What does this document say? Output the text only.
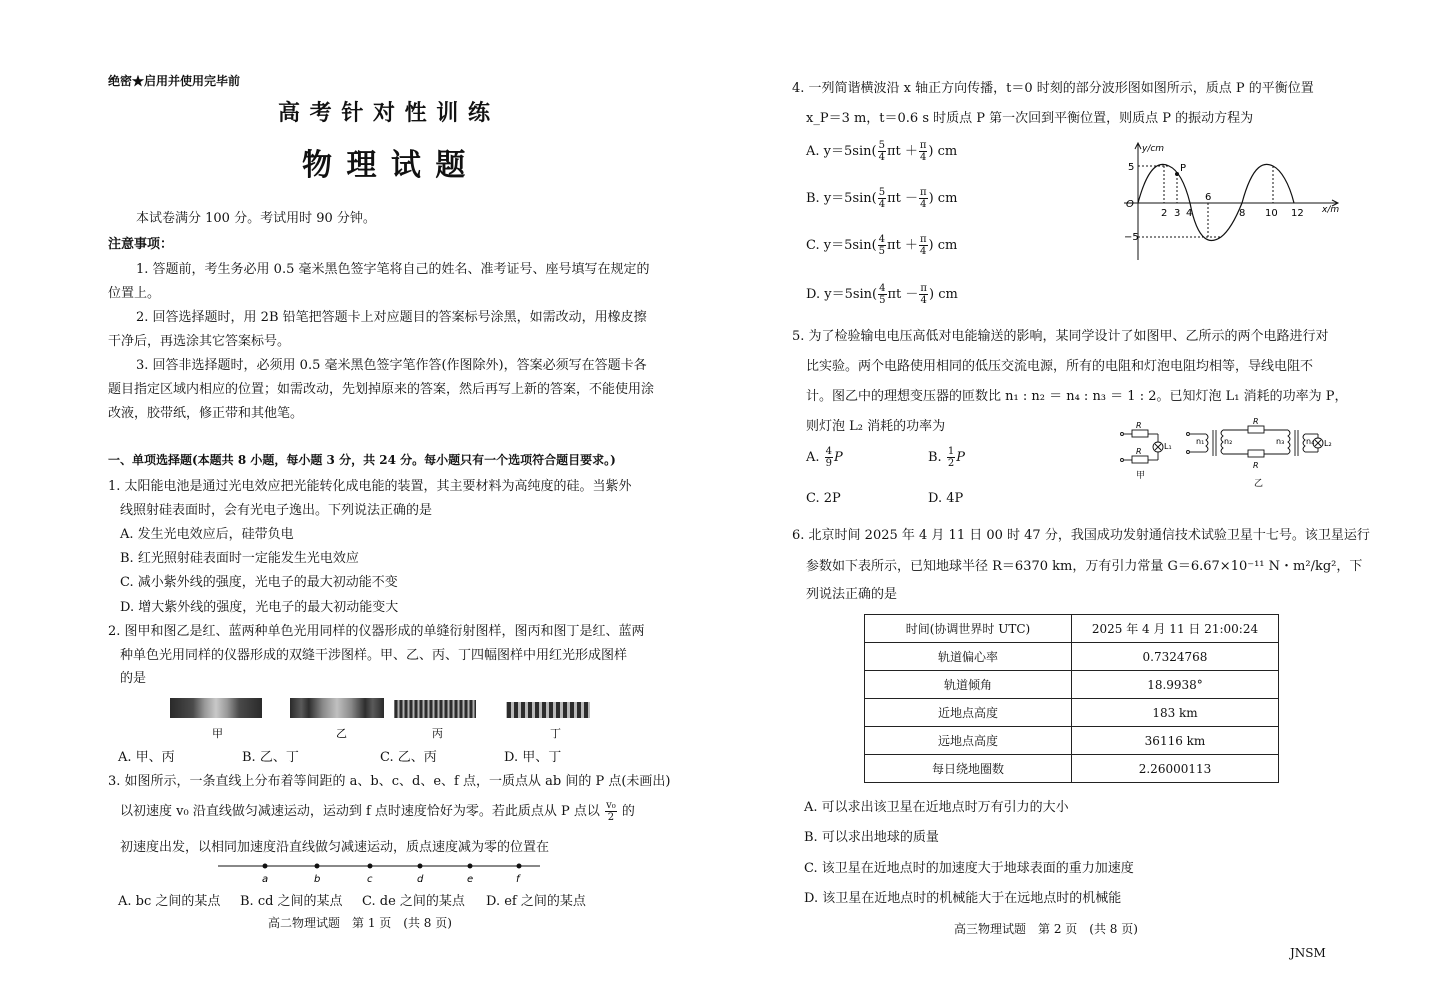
绝密★启用并使用完毕前
高 考 针 对 性 训 练
物 理 试 题
本试卷满分 100 分。考试用时 90 分钟。
注意事项：
1. 答题前，考生务必用 0.5 毫米黑色签字笔将自己的姓名、准考证号、座号填写在规定的
位置上。
2. 回答选择题时，用 2B 铅笔把答题卡上对应题目的答案标号涂黑，如需改动，用橡皮擦
干净后，再选涂其它答案标号。
3. 回答非选择题时，必须用 0.5 毫米黑色签字笔作答(作图除外)，答案必须写在答题卡各
题目指定区域内相应的位置；如需改动，先划掉原来的答案，然后再写上新的答案，不能使用涂
改液，胶带纸，修正带和其他笔。
一、单项选择题(本题共 8 小题，每小题 3 分，共 24 分。每小题只有一个选项符合题目要求。)
1. 太阳能电池是通过光电效应把光能转化成电能的装置，其主要材料为高纯度的硅。当紫外
线照射硅表面时，会有光电子逸出。下列说法正确的是
A. 发生光电效应后，硅带负电
B. 红光照射硅表面时一定能发生光电效应
C. 减小紫外线的强度，光电子的最大初动能不变
D. 增大紫外线的强度，光电子的最大初动能变大
2. 图甲和图乙是红、蓝两种单色光用同样的仪器形成的单缝衍射图样，图丙和图丁是红、蓝两
种单色光用同样的仪器形成的双缝干涉图样。甲、乙、丙、丁四幅图样中用红光形成图样
的是
甲	乙	丙	丁
A. 甲、丙	B. 乙、丁	C. 乙、丙	D. 甲、丁
3. 如图所示，一条直线上分布着等间距的 a、b、c、d、e、f 点，一质点从 ab 间的 P 点(未画出)
以初速度 v₀ 沿直线做匀减速运动，运动到 f 点时速度恰好为零。若此质点从 P 点以 $\frac{\text{v₀}}{2}$ 的
初速度出发，以相同加速度沿直线做匀减速运动，质点速度减为零的位置在
a	b	c	d	e	f
A. bc 之间的某点 B. cd 之间的某点 C. de 之间的某点 D. ef 之间的某点
高二物理试题　第 1 页　(共 8 页)
4. 一列简谐横波沿 x 轴正方向传播，t＝0 时刻的部分波形图如图所示，质点 P 的平衡位置
x_P＝3 m，t＝0.6 s 时质点 P 第一次回到平衡位置，则质点 P 的振动方程为
A. $y=5\sin( \frac{5}{4}$ $\pi t + \frac{\pi}{4}$ ) cm
B. $y=5\sin( \frac{5}{4}$ $\pi t - \frac{\pi}{4}$ ) cm
C. $y=5\sin( \frac{4}{5}$ $\pi t + \frac{\pi}{4}$ ) cm
D. $y=5\sin( \frac{4}{5}$ $\pi t - \frac{\pi}{4}$ ) cm
y/cm
x/m
O
P
5
−5
2 3 4
6
8 10 12
5. 为了检验输电电压高低对电能输送的影响，某同学设计了如图甲、乙所示的两个电路进行对
比实验。两个电路使用相同的低压交流电源，所有的电阻和灯泡电阻均相等，导线电阻不
计。图乙中的理想变压器的匝数比 n₁ : n₂ ＝ n₄ : n₃ ＝ 1 : 2。已知灯泡 L₁ 消耗的功率为 P，
则灯泡 L₂ 消耗的功率为
A. $\frac{4}{9}$ P	B. $\frac{1}{2}$ P
C. 2P	D. 4P
R
R
L₁
甲
n₁ n₂
R
R
n₃	n₄ L₂
乙
6. 北京时间 2025 年 4 月 11 日 00 时 47 分，我国成功发射通信技术试验卫星十七号。该卫星运行
参数如下表所示，已知地球半径 R＝6370 km，万有引力常量 G＝6.67×10⁻¹¹ N・m²/kg²，下
列说法正确的是
时间(协调世界时 UTC)	2025 年 4 月 11 日 21:00:24
轨道偏心率	0.7324768
轨道倾角	18.9938°
近地点高度	183 km
远地点高度	36116 km
每日绕地圈数	2.26000113
A. 可以求出该卫星在近地点时万有引力的大小
B. 可以求出地球的质量
C. 该卫星在近地点时的加速度大于地球表面的重力加速度
D. 该卫星在近地点时的机械能大于在远地点时的机械能
高三物理试题　第 2 页　(共 8 页)
JNSM
